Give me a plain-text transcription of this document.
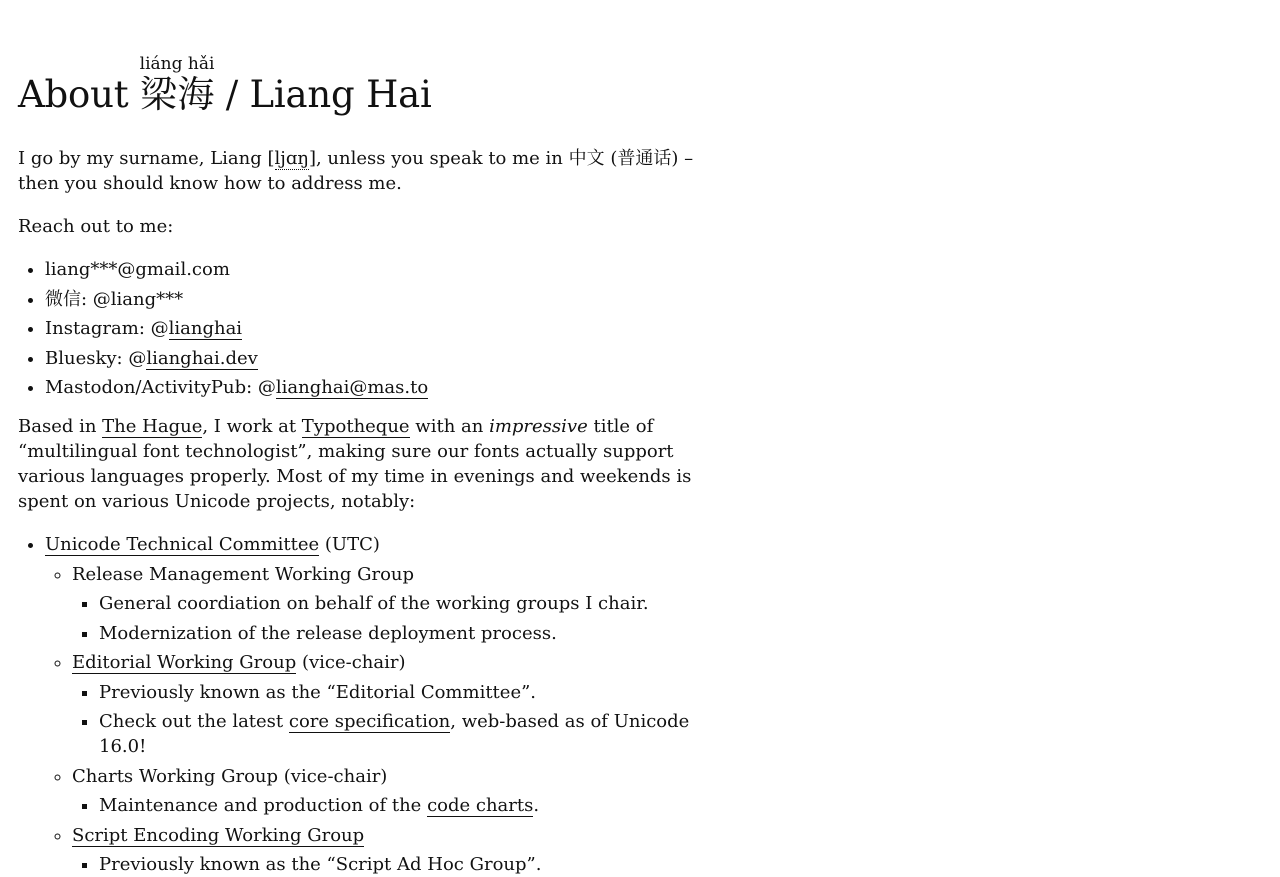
About 梁海liáng hǎi / Liang Hai

I go by my surname, Liang [ljɑŋ], unless you speak to me in 中文 (普通话) – then you should know how to address me.

Reach out to me:

• liang***@gmail.com
• 微信: @liang***
• Instagram: @lianghai
• Bluesky: @lianghai.dev
• Mastodon/ActivityPub: @lianghai@mas.to

Based in The Hague, I work at Typotheque with an impressive title of “multilingual font technologist”, making sure our fonts actually support various languages properly. Most of my time in evenings and weekends is spent on various Unicode projects, notably:

• Unicode Technical Committee (UTC)
◦ Release Management Working Group
▪ General coordiation on behalf of the working groups I chair.
▪ Modernization of the release deployment process.
◦ Editorial Working Group (vice-chair)
▪ Previously known as the “Editorial Committee”.
▪ Check out the latest core specification, web-based as of Unicode 16.0!
◦ Charts Working Group (vice-chair)
▪ Maintenance and production of the code charts.
◦ Script Encoding Working Group
▪ Previously known as the “Script Ad Hoc Group”.
